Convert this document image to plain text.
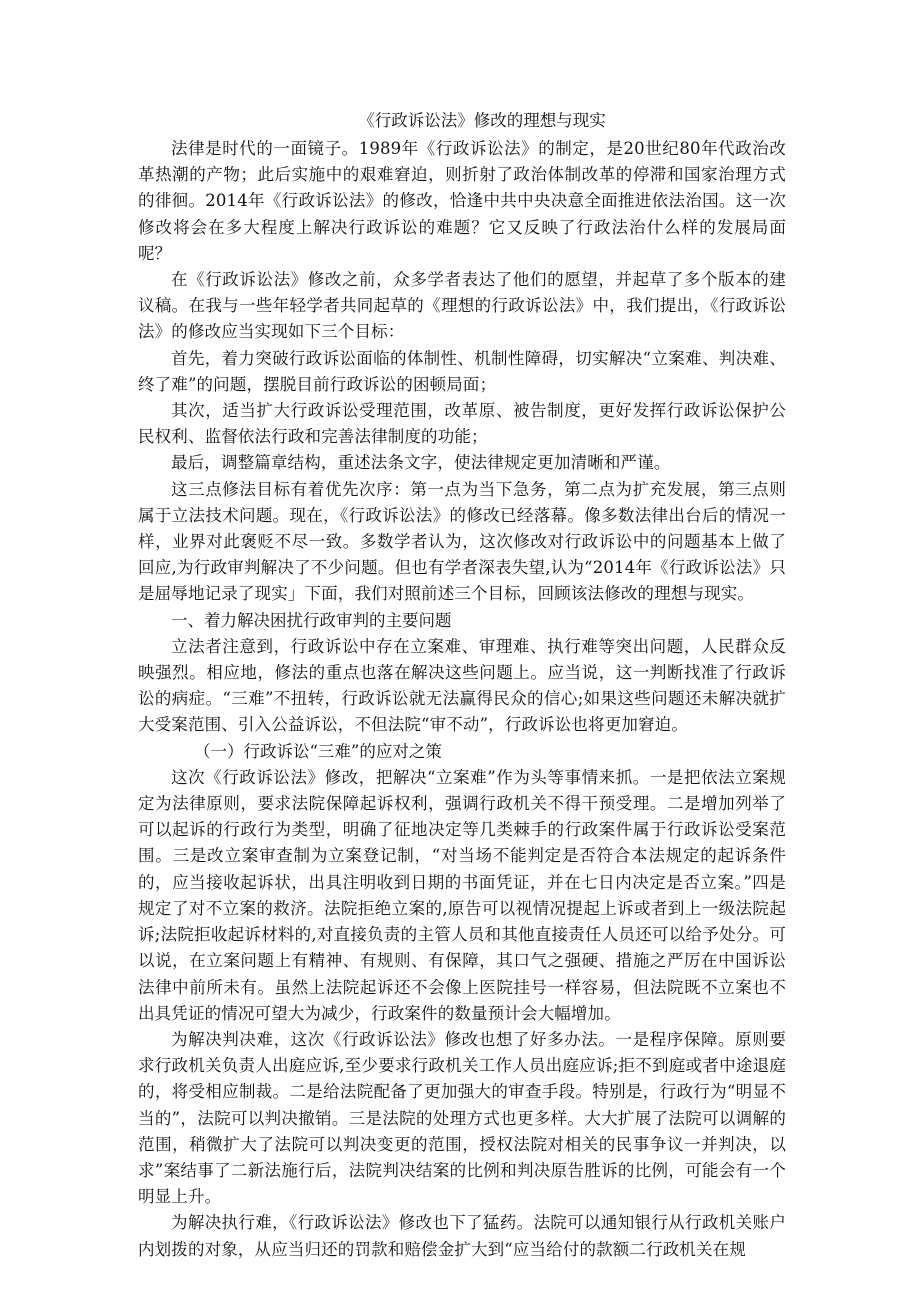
《行政诉讼法》修改的理想与现实

法律是时代的一面镜子。1989年《行政诉讼法》的制定，是20世纪80年代政治改革热潮的产物；此后实施中的艰难窘迫，则折射了政治体制改革的停滞和国家治理方式的徘徊。2014年《行政诉讼法》的修改，恰逢中共中央决意全面推进依法治国。这一次修改将会在多大程度上解决行政诉讼的难题？它又反映了行政法治什么样的发展局面呢？

在《行政诉讼法》修改之前，众多学者表达了他们的愿望，并起草了多个版本的建议稿。在我与一些年轻学者共同起草的《理想的行政诉讼法》中，我们提出，《行政诉讼法》的修改应当实现如下三个目标：

首先，着力突破行政诉讼面临的体制性、机制性障碍，切实解决“立案难、判决难、终了难”的问题，摆脱目前行政诉讼的困顿局面；

其次，适当扩大行政诉讼受理范围，改革原、被告制度，更好发挥行政诉讼保护公民权利、监督依法行政和完善法律制度的功能；

最后，调整篇章结构，重述法条文字，使法律规定更加清晰和严谨。

这三点修法目标有着优先次序：第一点为当下急务，第二点为扩充发展，第三点则属于立法技术问题。现在，《行政诉讼法》的修改已经落幕。像多数法律出台后的情况一样，业界对此褒贬不尽一致。多数学者认为，这次修改对行政诉讼中的问题基本上做了回应,为行政审判解决了不少问题。但也有学者深表失望,认为“2014年《行政诉讼法》只是屈辱地记录了现实」下面，我们对照前述三个目标，回顾该法修改的理想与现实。

一、着力解决困扰行政审判的主要问题

立法者注意到，行政诉讼中存在立案难、审理难、执行难等突出问题，人民群众反映强烈。相应地，修法的重点也落在解决这些问题上。应当说，这一判断找准了行政诉讼的病症。“三难”不扭转，行政诉讼就无法赢得民众的信心;如果这些问题还未解决就扩大受案范围、引入公益诉讼，不但法院“审不动”，行政诉讼也将更加窘迫。

（一）行政诉讼“三难”的应对之策

这次《行政诉讼法》修改，把解决“立案难”作为头等事情来抓。一是把依法立案规定为法律原则，要求法院保障起诉权利，强调行政机关不得干预受理。二是增加列举了可以起诉的行政行为类型，明确了征地决定等几类棘手的行政案件属于行政诉讼受案范围。三是改立案审查制为立案登记制，“对当场不能判定是否符合本法规定的起诉条件的，应当接收起诉状，出具注明收到日期的书面凭证，并在七日内决定是否立案。”四是规定了对不立案的救济。法院拒绝立案的,原告可以视情况提起上诉或者到上一级法院起诉;法院拒收起诉材料的,对直接负责的主管人员和其他直接责任人员还可以给予处分。可以说，在立案问题上有精神、有规则、有保障，其口气之强硬、措施之严厉在中国诉讼法律中前所未有。虽然上法院起诉还不会像上医院挂号一样容易，但法院既不立案也不出具凭证的情况可望大为减少，行政案件的数量预计会大幅增加。

为解决判决难，这次《行政诉讼法》修改也想了好多办法。一是程序保障。原则要求行政机关负责人出庭应诉,至少要求行政机关工作人员出庭应诉;拒不到庭或者中途退庭的，将受相应制裁。二是给法院配备了更加强大的审查手段。特别是，行政行为“明显不当的”，法院可以判决撤销。三是法院的处理方式也更多样。大大扩展了法院可以调解的范围，稍微扩大了法院可以判决变更的范围，授权法院对相关的民事争议一并判决，以求”案结事了二新法施行后，法院判决结案的比例和判决原告胜诉的比例，可能会有一个明显上升。

为解决执行难，《行政诉讼法》修改也下了猛药。法院可以通知银行从行政机关账户内划拨的对象，从应当归还的罚款和赔偿金扩大到“应当给付的款额二行政机关在规
